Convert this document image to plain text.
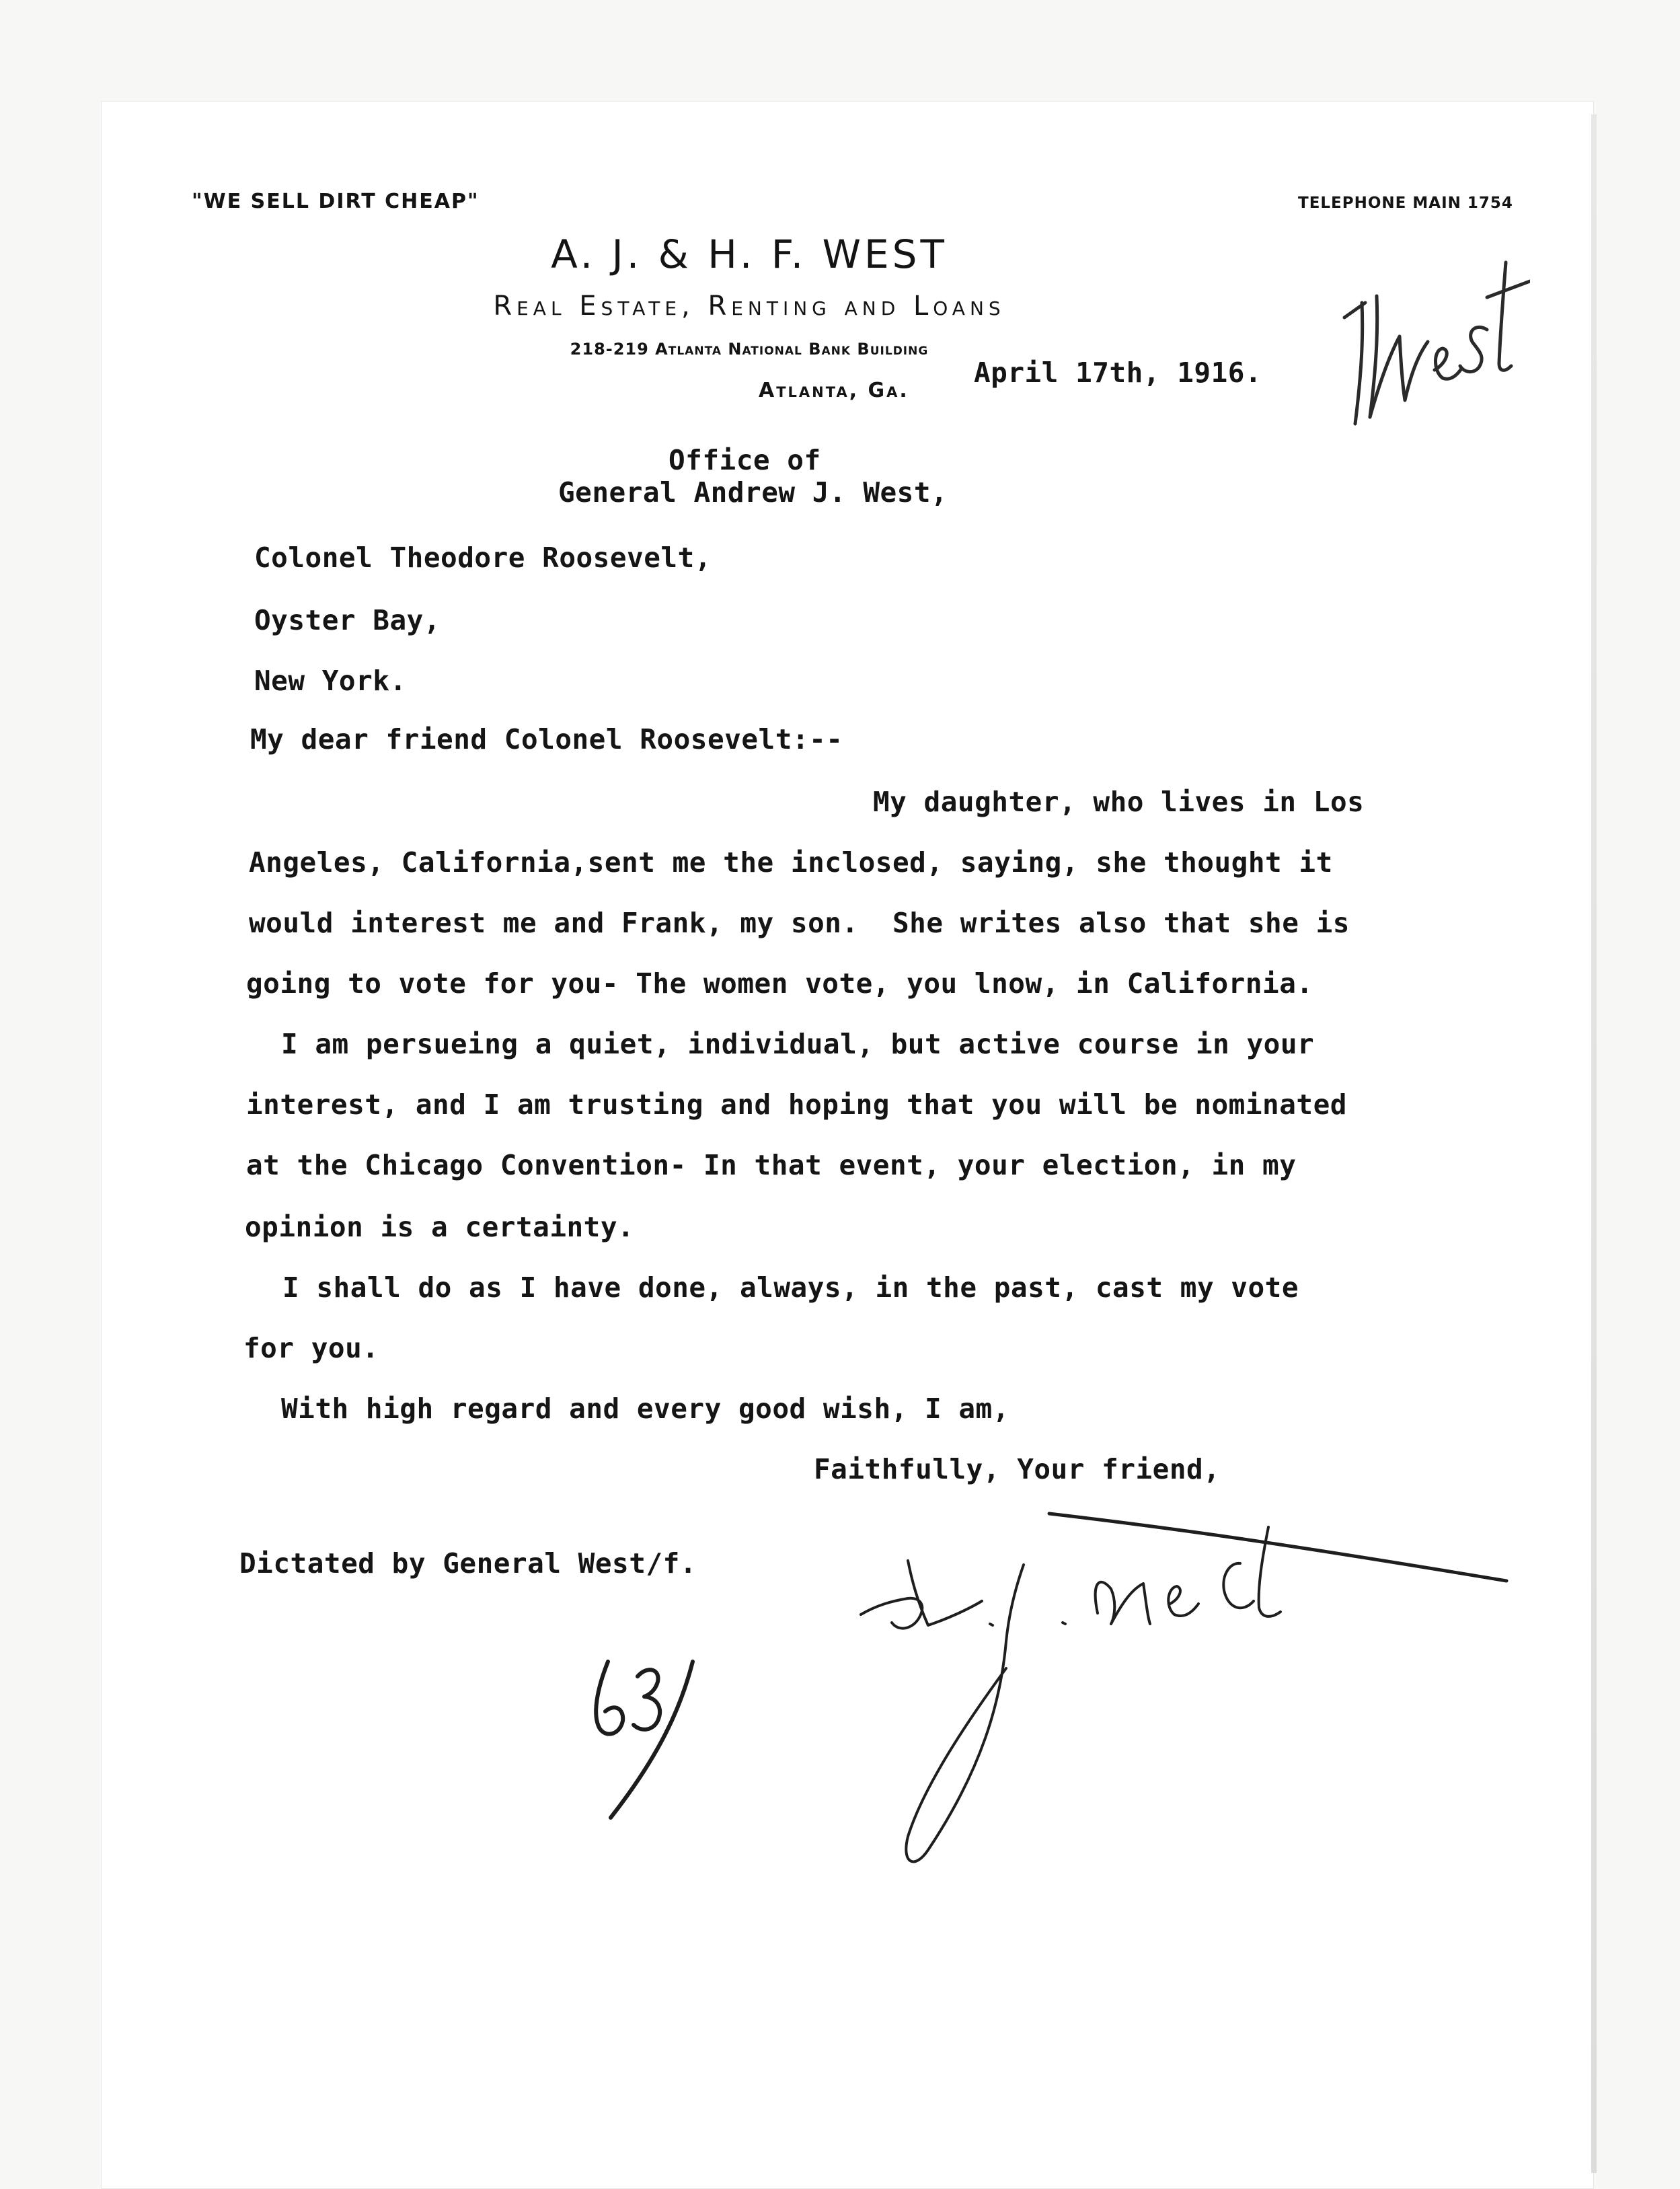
"WE SELL DIRT CHEAP"	TELEPHONE MAIN 1754
A. J. & H. F. WEST
Real Estate, Renting and Loans
218-219 Atlanta National Bank Building
Atlanta, Ga.
April 17th, 1916.
Office of
General Andrew J. West,
Colonel Theodore Roosevelt,
Oyster Bay,
New York.
My dear friend Colonel Roosevelt:--
My daughter, who lives in Los
Angeles, California,sent me the inclosed, saying, she thought it
would interest me and Frank, my son.  She writes also that she is
going to vote for you- The women vote, you lnow, in California.
I am persueing a quiet, individual, but active course in your
interest, and I am trusting and hoping that you will be nominated
at the Chicago Convention- In that event, your election, in my
opinion is a certainty.
I shall do as I have done, always, in the past, cast my vote
for you.
With high regard and every good wish, I am,
Faithfully, Your friend,
Dictated by General West/f.
